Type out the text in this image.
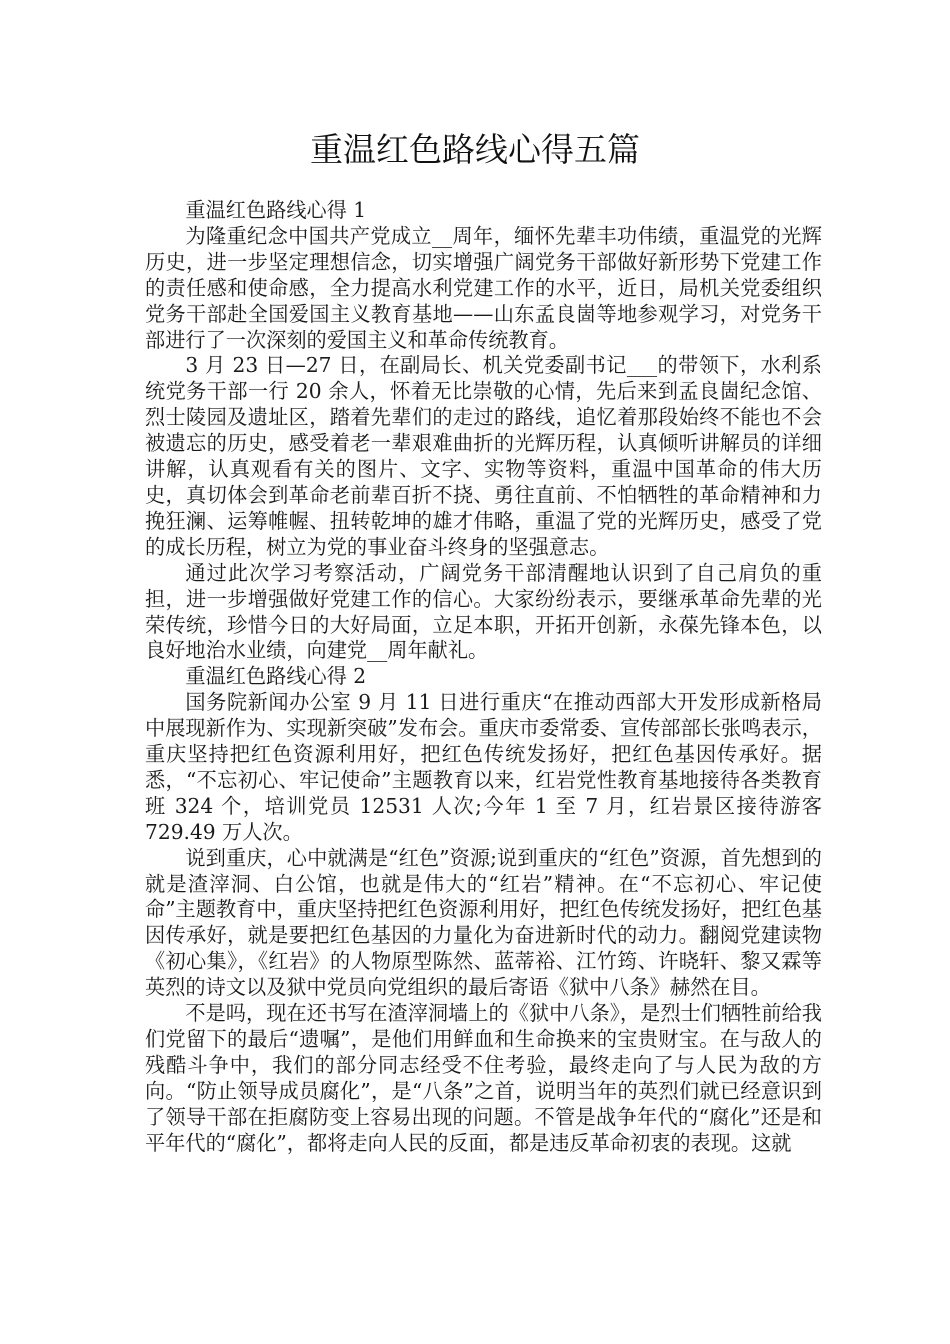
重温红色路线心得五篇

重温红色路线心得 1

为隆重纪念中国共产党成立__周年，缅怀先辈丰功伟绩，重温党的光辉历史，进一步坚定理想信念，切实增强广阔党务干部做好新形势下党建工作的责任感和使命感，全力提高水利党建工作的水平，近日，局机关党委组织党务干部赴全国爱国主义教育基地——山东孟良崮等地参观学习，对党务干部进行了一次深刻的爱国主义和革命传统教育。

3 月 23 日—27 日，在副局长、机关党委副书记___的带领下，水利系统党务干部一行 20 余人，怀着无比崇敬的心情，先后来到孟良崮纪念馆、烈士陵园及遗址区，踏着先辈们的走过的路线，追忆着那段始终不能也不会被遗忘的历史，感受着老一辈艰难曲折的光辉历程，认真倾听讲解员的详细讲解，认真观看有关的图片、文字、实物等资料，重温中国革命的伟大历史，真切体会到革命老前辈百折不挠、勇往直前、不怕牺牲的革命精神和力挽狂澜、运筹帷幄、扭转乾坤的雄才伟略，重温了党的光辉历史，感受了党的成长历程，树立为党的事业奋斗终身的坚强意志。

通过此次学习考察活动，广阔党务干部清醒地认识到了自己肩负的重担，进一步增强做好党建工作的信心。大家纷纷表示，要继承革命先辈的光荣传统，珍惜今日的大好局面，立足本职，开拓开创新，永葆先锋本色，以良好地治水业绩，向建党__周年献礼。

重温红色路线心得 2

国务院新闻办公室 9 月 11 日进行重庆“在推动西部大开发形成新格局中展现新作为、实现新突破”发布会。重庆市委常委、宣传部部长张鸣表示，重庆坚持把红色资源利用好，把红色传统发扬好，把红色基因传承好。据悉，“不忘初心、牢记使命”主题教育以来，红岩党性教育基地接待各类教育班 324 个，培训党员 12531 人次;今年 1 至 7 月，红岩景区接待游客 729.49 万人次。

说到重庆，心中就满是“红色”资源;说到重庆的“红色”资源，首先想到的就是渣滓洞、白公馆，也就是伟大的“红岩”精神。在“不忘初心、牢记使命”主题教育中，重庆坚持把红色资源利用好，把红色传统发扬好，把红色基因传承好，就是要把红色基因的力量化为奋进新时代的动力。翻阅党建读物《初心集》，《红岩》的人物原型陈然、蓝蒂裕、江竹筠、许晓轩、黎又霖等英烈的诗文以及狱中党员向党组织的最后寄语《狱中八条》赫然在目。

不是吗，现在还书写在渣滓洞墙上的《狱中八条》，是烈士们牺牲前给我们党留下的最后“遗嘱”，是他们用鲜血和生命换来的宝贵财宝。在与敌人的残酷斗争中，我们的部分同志经受不住考验，最终走向了与人民为敌的方向。“防止领导成员腐化”，是“八条”之首，说明当年的英烈们就已经意识到了领导干部在拒腐防变上容易出现的问题。不管是战争年代的“腐化”还是和平年代的“腐化”，都将走向人民的反面，都是违反革命初衷的表现。这就
